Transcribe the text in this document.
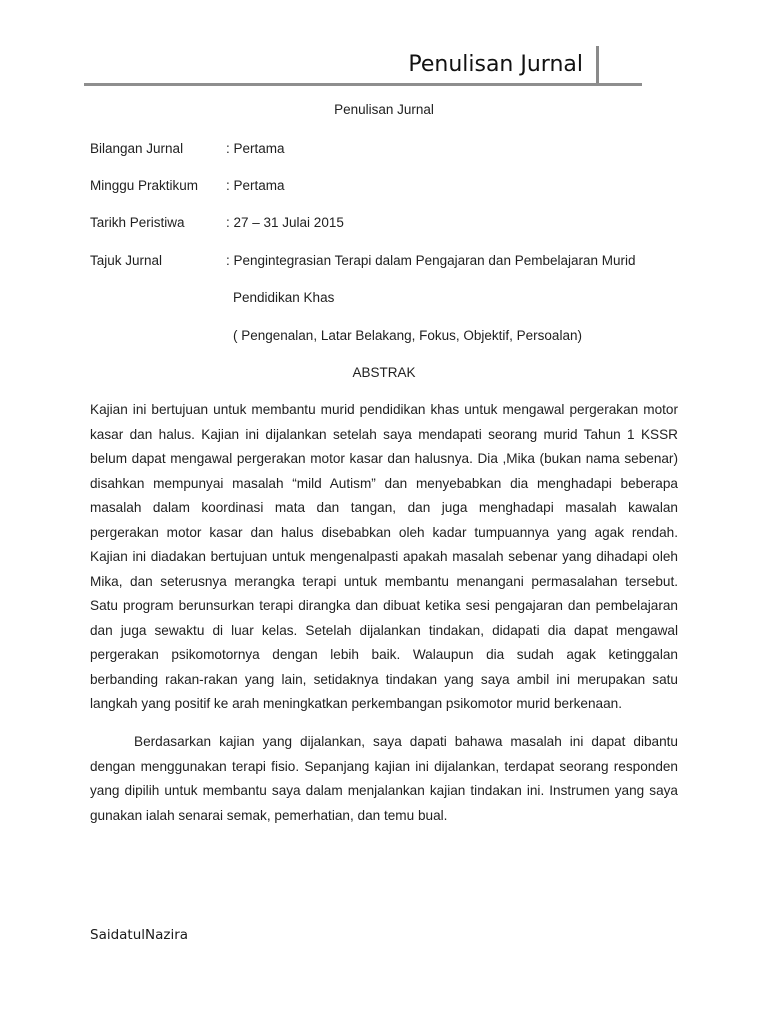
Penulisan Jurnal
Penulisan Jurnal
Bilangan Jurnal	: Pertama
Minggu Praktikum : Pertama
Tarikh Peristiwa	: 27 – 31 Julai 2015
Tajuk Jurnal	: Pengintegrasian Terapi dalam Pengajaran dan Pembelajaran Murid
Pendidikan Khas
( Pengenalan, Latar Belakang, Fokus, Objektif, Persoalan)
ABSTRAK
Kajian ini bertujuan untuk membantu murid pendidikan khas untuk mengawal pergerakan motor
kasar dan halus. Kajian ini dijalankan setelah saya mendapati seorang murid Tahun 1 KSSR
belum dapat mengawal pergerakan motor kasar dan halusnya. Dia ,Mika (bukan nama sebenar)
disahkan mempunyai masalah “mild Autism” dan menyebabkan dia menghadapi beberapa
masalah dalam koordinasi mata dan tangan, dan juga menghadapi masalah kawalan
pergerakan motor kasar dan halus disebabkan oleh kadar tumpuannya yang agak rendah.
Kajian ini diadakan bertujuan untuk mengenalpasti apakah masalah sebenar yang dihadapi oleh
Mika, dan seterusnya merangka terapi untuk membantu menangani permasalahan tersebut.
Satu program berunsurkan terapi dirangka dan dibuat ketika sesi pengajaran dan pembelajaran
dan juga sewaktu di luar kelas. Setelah dijalankan tindakan, didapati dia dapat mengawal
pergerakan psikomotornya dengan lebih baik. Walaupun dia sudah agak ketinggalan
berbanding rakan-rakan yang lain, setidaknya tindakan yang saya ambil ini merupakan satu
langkah yang positif ke arah meningkatkan perkembangan psikomotor murid berkenaan.
Berdasarkan kajian yang dijalankan, saya dapati bahawa masalah ini dapat dibantu
dengan menggunakan terapi fisio. Sepanjang kajian ini dijalankan, terdapat seorang responden
yang dipilih untuk membantu saya dalam menjalankan kajian tindakan ini. Instrumen yang saya
gunakan ialah senarai semak, pemerhatian, dan temu bual.
SaidatulNazira
